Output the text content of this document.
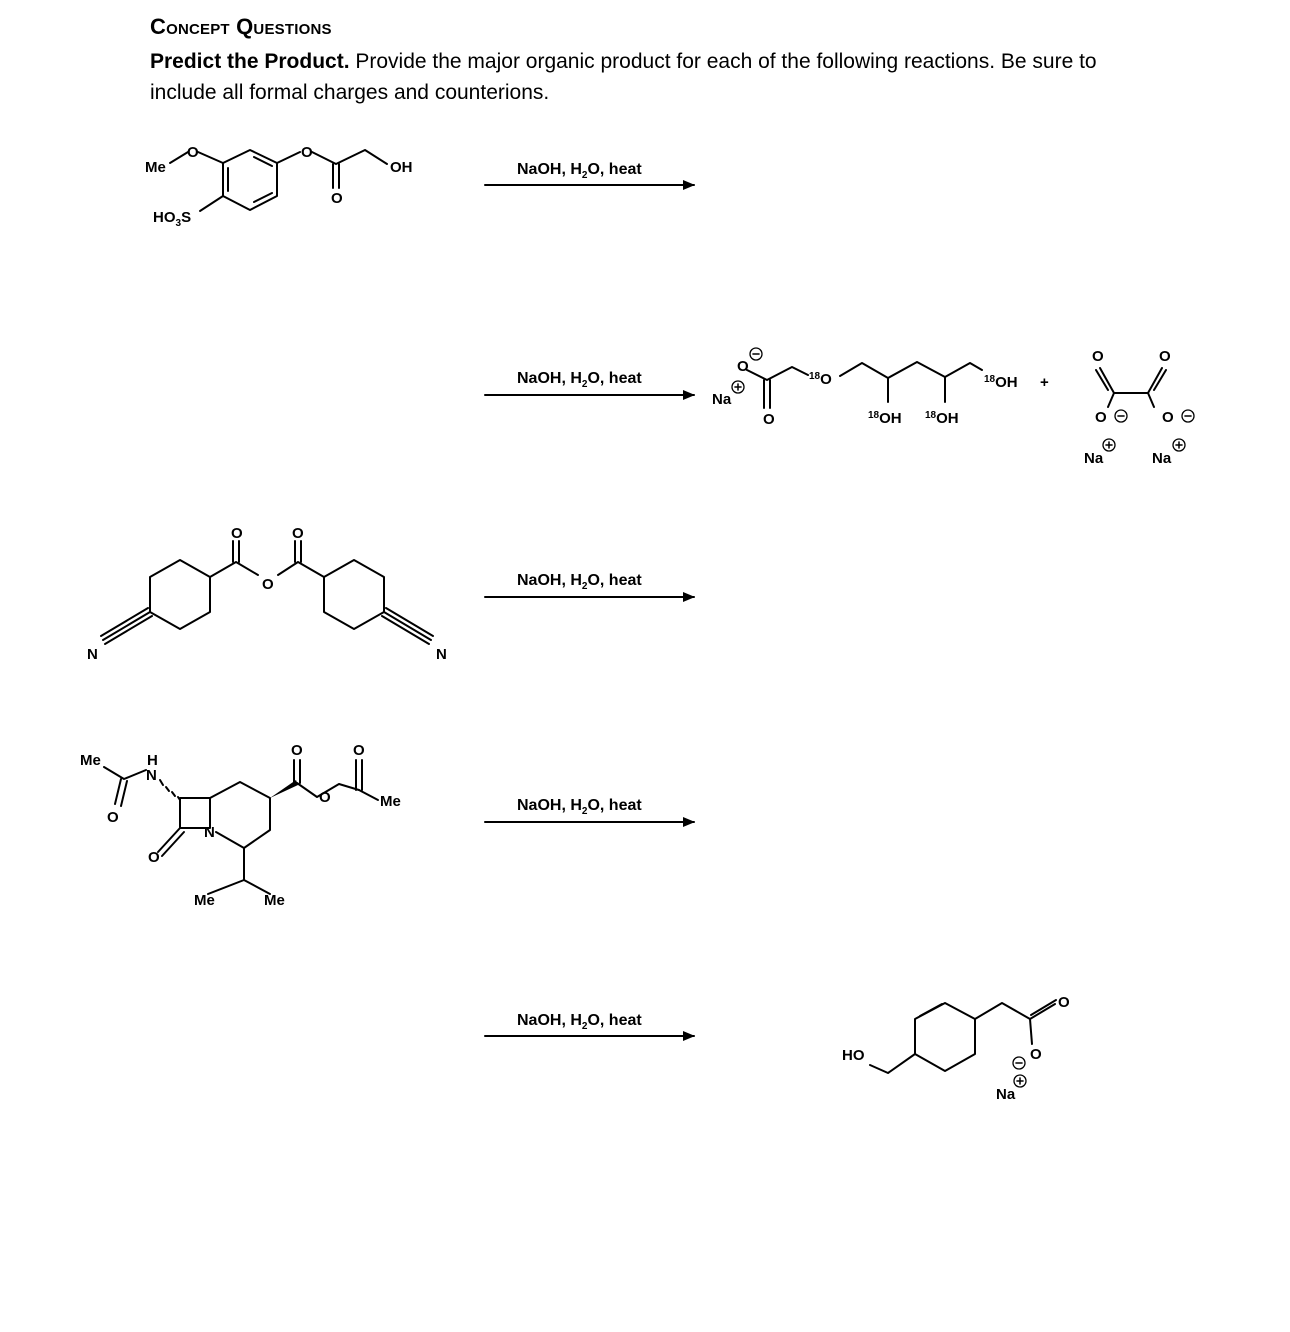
Concept Questions
Predict the Product. Provide the major organic product for each of the following reactions. Be sure to include all formal charges and counterions.
Me
O	O
O
OH
$HO_3S$
NaOH, $H_2O$, heat
NaOH, $H_2O$, heat
O
Na
O
$^{18}$O
$^{18}$OH $^{18}$OH
$^{18}$OH +
O	O
O	O
Na	Na
N	N
O	O
O	NaOH, $H_2O$, heat
Me	H
N
O
N
O
O	O
O	Me
Me	Me
NaOH, $H_2O$, heat
NaOH, $H_2O$, heat
HO
O
O
Na
